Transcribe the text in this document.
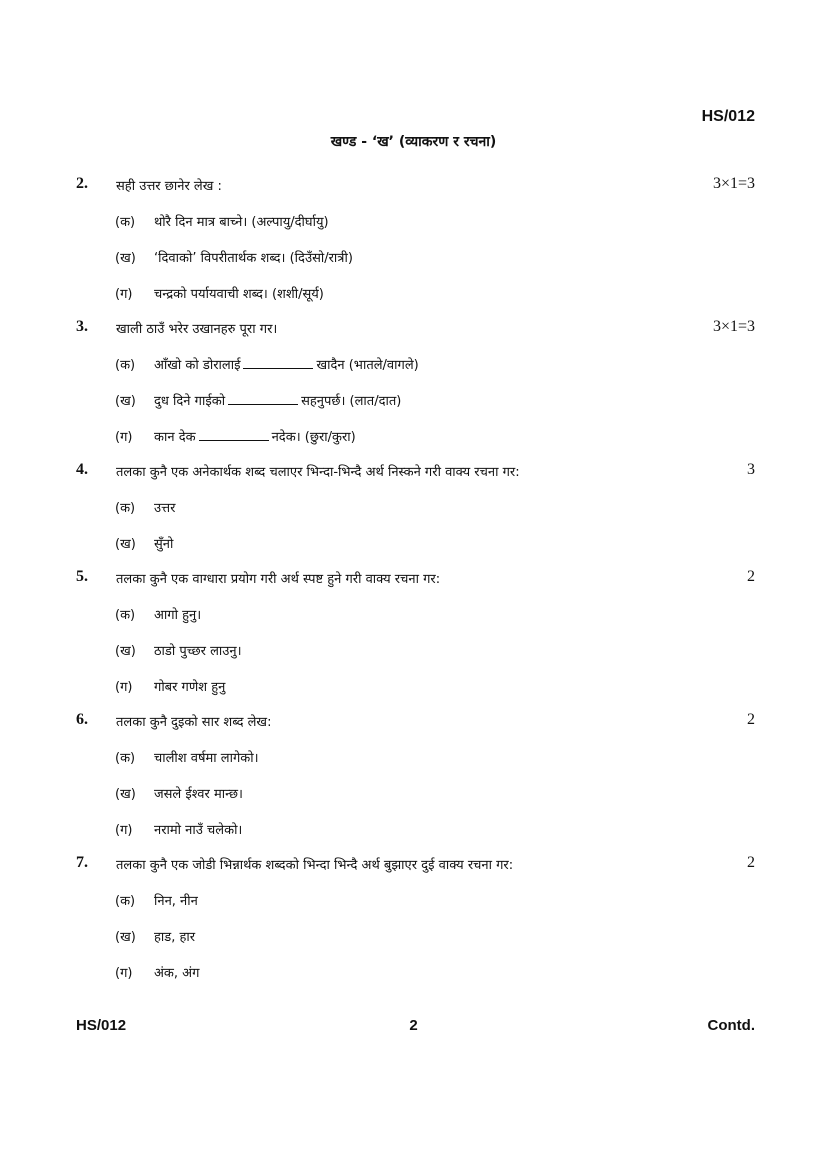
HS/012
खण्ड - ‘ख’ (व्याकरण र रचना)
2. सही उत्तर छानेर लेख :	3×1=3
(क) थोरै दिन मात्र बाच्ने। (अल्पायु/दीर्घायु)
(ख) ‘दिवाको’ विपरीतार्थक शब्द। (दिउँसो/रात्री)
(ग) चन्द्रको पर्यायवाची शब्द। (शशी/सूर्य)
3. खाली ठाउँ भरेर उखानहरु पूरा गर।	3×1=3
(क) आँखो को डोरालाई	खादैन (भातले/वागले)
(ख) दुध दिने गाईको	सहनुपर्छ। (लात/दात)
(ग) कान देक	नदेक। (छुरा/कुरा)
4. तलका कुनै एक अनेकार्थक शब्द चलाएर भिन्दा-भिन्दै अर्थ निस्कने गरी वाक्य रचना गर:	3
(क) उत्तर
(ख) सुँनो
5. तलका कुनै एक वाग्धारा प्रयोग गरी अर्थ स्पष्ट हुने गरी वाक्य रचना गर:	2
(क) आगो हुनु।
(ख) ठाडो पुच्छर लाउनु।
(ग) गोबर गणेश हुनु
6. तलका कुनै दुइको सार शब्द लेख:	2
(क) चालीश वर्षमा लागेको।
(ख) जसले ईश्वर मान्छ।
(ग) नरामो नाउँ चलेको।
7. तलका कुनै एक जोडी भिन्नार्थक शब्दको भिन्दा भिन्दै अर्थ बुझाएर दुई वाक्य रचना गर:	2
(क) निन, नीन
(ख) हाड, हार
(ग) अंक, अंग
HS/012	2	Contd.
